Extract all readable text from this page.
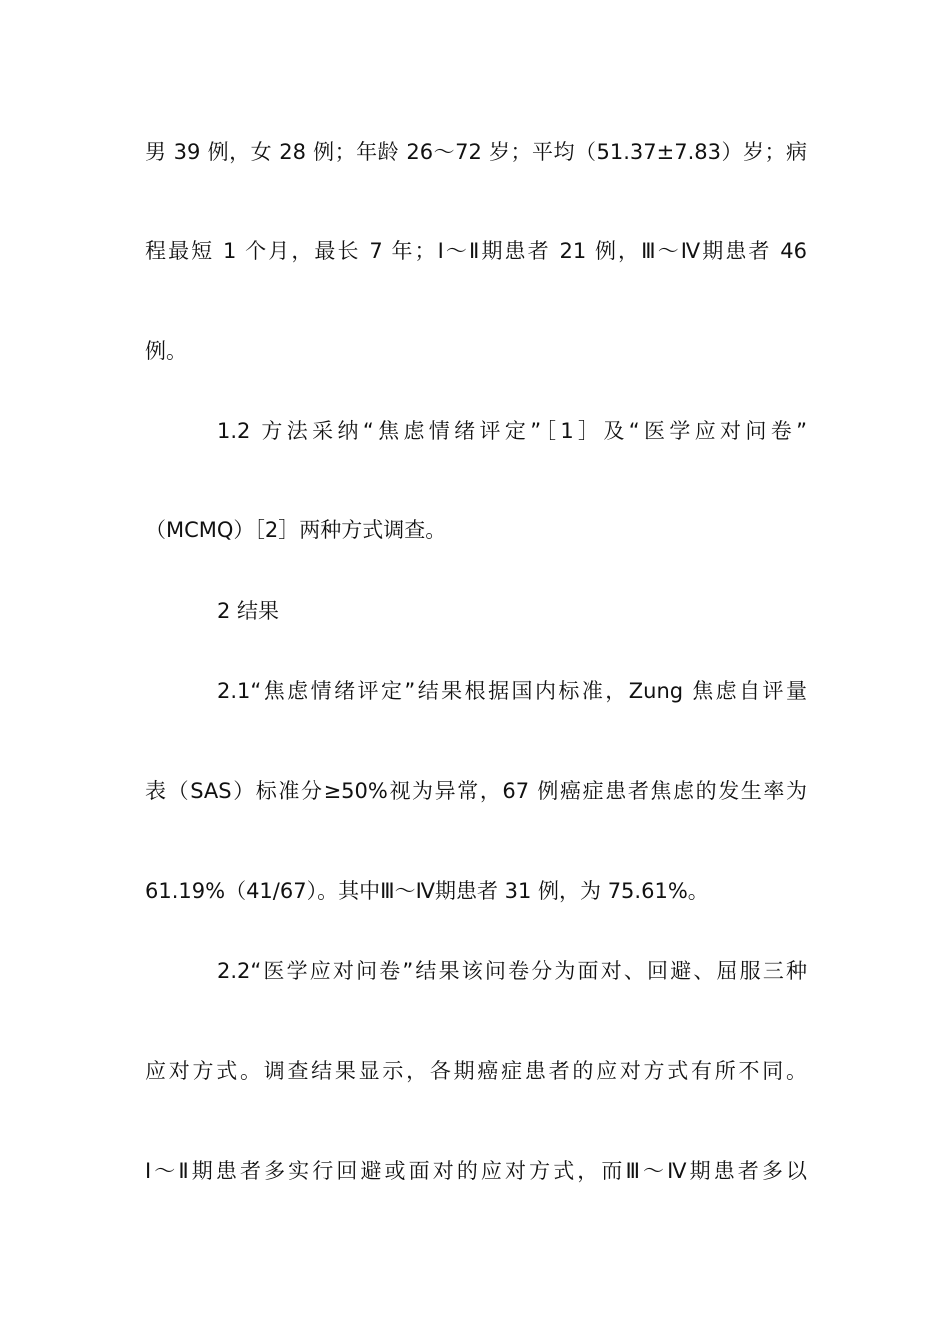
男 39 例，女 28 例；年龄 26～72 岁；平均（51.37±7.83）岁；病
程最短 1 个月，最长 7 年；Ⅰ～Ⅱ期患者 21 例，Ⅲ～Ⅳ期患者 46
例。
1.2 方法采纳“焦虑情绪评定”［1］及“医学应对问卷”
（MCMQ）［2］两种方式调查。
2 结果
2.1“焦虑情绪评定”结果根据国内标准，Zung 焦虑自评量
表（SAS）标准分≥50%视为异常，67 例癌症患者焦虑的发生率为
61.19%（41/67）。其中Ⅲ～Ⅳ期患者 31 例，为 75.61%。
2.2“医学应对问卷”结果该问卷分为面对、回避、屈服三种
应对方式。调查结果显示，各期癌症患者的应对方式有所不同。
Ⅰ～Ⅱ期患者多实行回避或面对的应对方式，而Ⅲ～Ⅳ期患者多以
